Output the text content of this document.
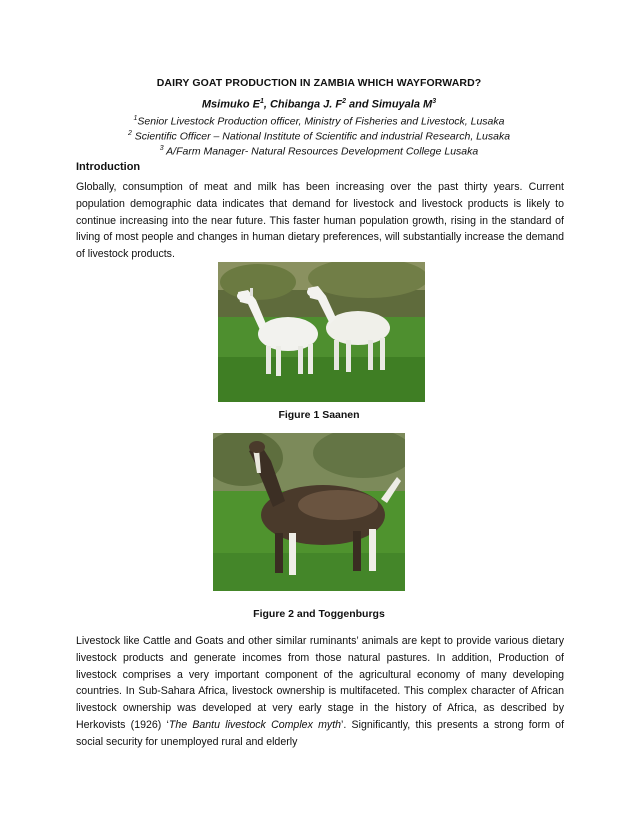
DAIRY GOAT PRODUCTION IN ZAMBIA WHICH WAYFORWARD?
Msimuko $E^1$, Chibanga J. $F^2$ and Simuyala $M^3$
$^1$Senior Livestock Production officer, Ministry of Fisheries and Livestock, Lusaka
$^2$ Scientific Officer – National Institute of Scientific and industrial Research, Lusaka
$^3$ A/Farm Manager- Natural Resources Development College Lusaka
Introduction
Globally, consumption of meat and milk has been increasing over the past thirty years. Current population demographic data indicates that demand for livestock and livestock products is likely to continue increasing into the near future. This faster human population growth, rising in the standard of living of most people and changes in human dietary preferences, will substantially increase the demand of livestock products.
Figure 1 Saanen
Figure 2 and Toggenburgs
Livestock like Cattle and Goats and other similar ruminants’ animals are kept to provide various dietary livestock products and generate incomes from those natural pastures. In addition, Production of livestock comprises a very important component of the agricultural economy of many developing countries. In Sub-Sahara Africa, livestock ownership is multifaceted. This complex character of African livestock ownership was developed at very early stage in the history of Africa, as described by Herkovists (1926) ‘The Bantu livestock Complex myth’. Significantly, this presents a strong form of social security for unemployed rural and elderly
